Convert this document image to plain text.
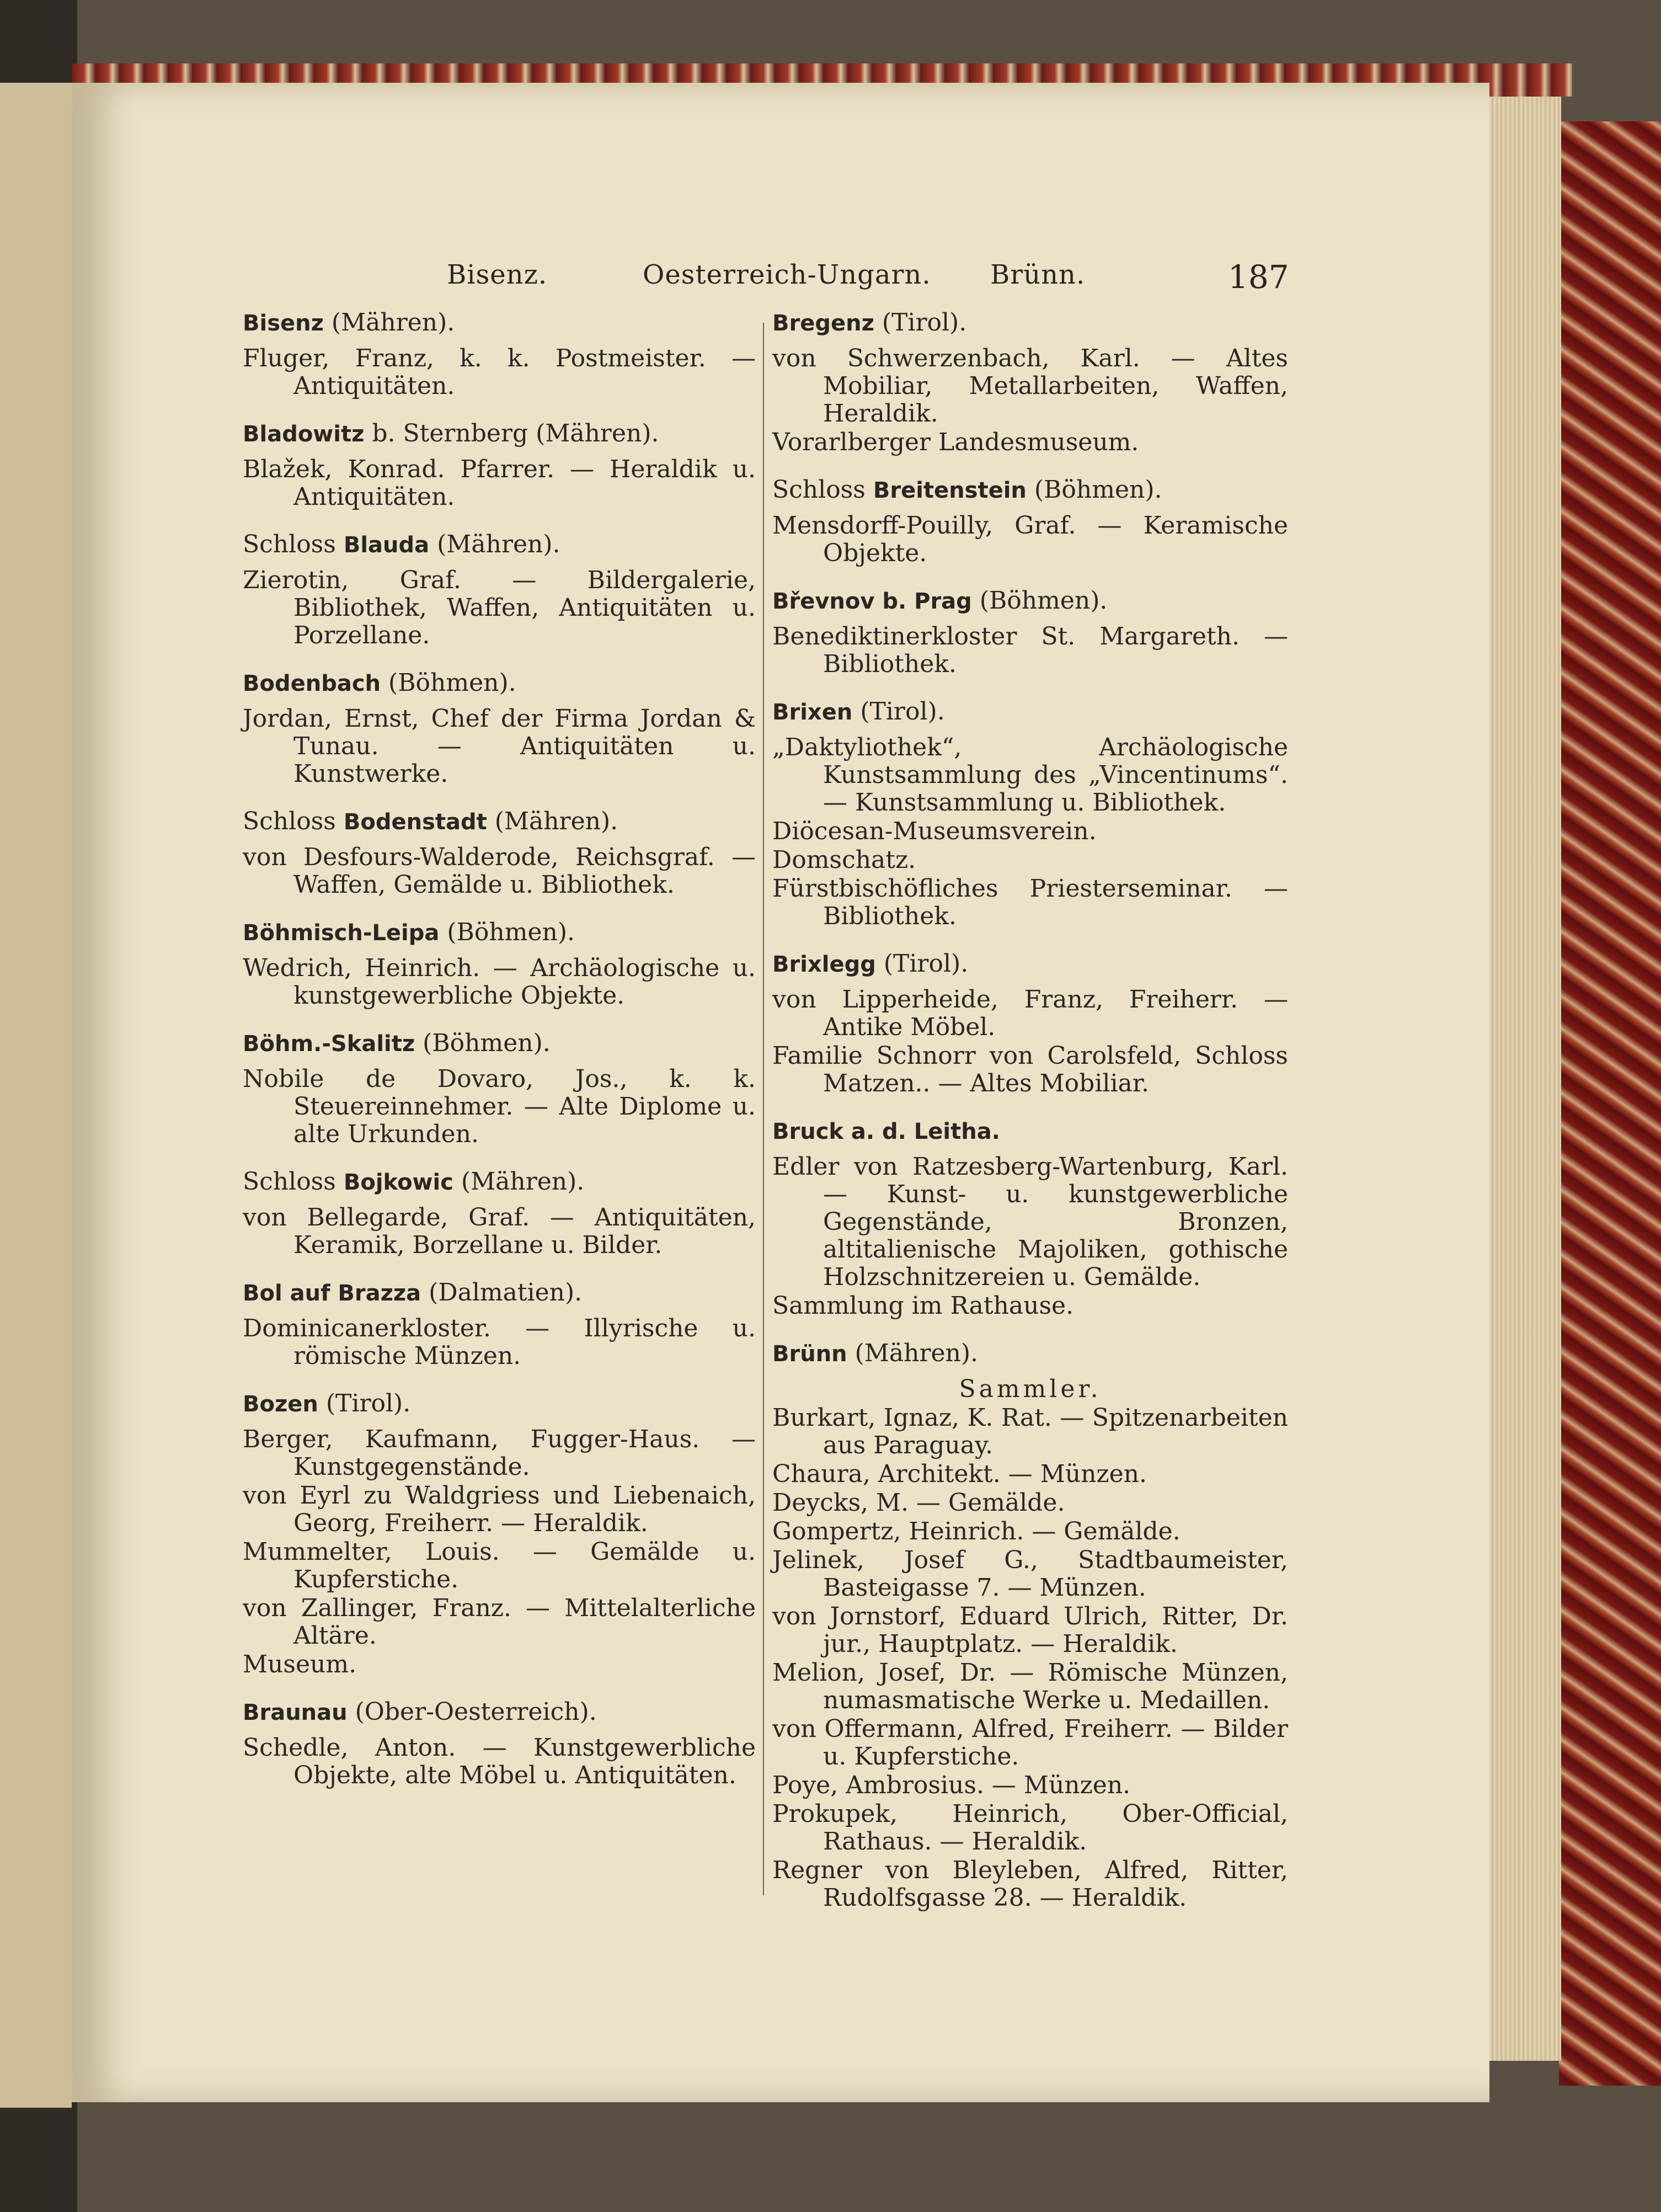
Bisenz.	Oesterreich-Ungarn. Brünn.	187
Bisenz (Mähren).
Fluger, Franz, k. k. Postmeister. — Antiquitäten.
Bladowitz b. Sternberg (Mähren).
Blažek, Konrad. Pfarrer. — Heraldik u. Antiquitäten.
Schloss Blauda (Mähren).
Zierotin, Graf. — Bildergalerie, Bibliothek, Waffen, Antiquitäten u. Porzellane.
Bodenbach (Böhmen).
Jordan, Ernst, Chef der Firma Jordan & Tunau. — Antiquitäten u. Kunstwerke.
Schloss Bodenstadt (Mähren).
von Desfours-Walderode, Reichsgraf. — Waffen, Gemälde u. Bibliothek.
Böhmisch-Leipa (Böhmen).
Wedrich, Heinrich. — Archäologische u. kunstgewerbliche Objekte.
Böhm.-Skalitz (Böhmen).
Nobile de Dovaro, Jos., k. k. Steuereinnehmer. — Alte Diplome u. alte Urkunden.
Schloss Bojkowic (Mähren).
von Bellegarde, Graf. — Antiquitäten, Keramik, Borzellane u. Bilder.
Bol auf Brazza (Dalmatien).
Dominicanerkloster. — Illyrische u. römische Münzen.
Bozen (Tirol).
Berger, Kaufmann, Fugger-Haus. — Kunstgegenstände.
von Eyrl zu Waldgriess und Liebenaich, Georg, Freiherr. — Heraldik.
Mummelter, Louis. — Gemälde u. Kupferstiche.
von Zallinger, Franz. — Mittelalterliche Altäre.
Museum.
Braunau (Ober-Oesterreich).
Schedle, Anton. — Kunstgewerbliche Objekte, alte Möbel u. Antiquitäten.
Bregenz (Tirol).
von Schwerzenbach, Karl. — Altes Mobiliar, Metallarbeiten, Waffen, Heraldik.
Vorarlberger Landesmuseum.
Schloss Breitenstein (Böhmen).
Mensdorff-Pouilly, Graf. — Keramische Objekte.
Břevnov b. Prag (Böhmen).
Benediktinerkloster St. Margareth. — Bibliothek.
Brixen (Tirol).
„Daktyliothek“, Archäologische Kunstsammlung des „Vincentinums“. — Kunstsammlung u. Bibliothek.
Diöcesan-Museumsverein.
Domschatz.
Fürstbischöfliches Priesterseminar. — Bibliothek.
Brixlegg (Tirol).
von Lipperheide, Franz, Freiherr. — Antike Möbel.
Familie Schnorr von Carolsfeld, Schloss Matzen.. — Altes Mobiliar.
Bruck a. d. Leitha.
Edler von Ratzesberg-Wartenburg, Karl. — Kunst- u. kunstgewerbliche Gegenstände, Bronzen, altitalienische Majoliken, gothische Holzschnitzereien u. Gemälde.
Sammlung im Rathause.
Brünn (Mähren).
Sammler.
Burkart, Ignaz, K. Rat. — Spitzenarbeiten aus Paraguay.
Chaura, Architekt. — Münzen.
Deycks, M. — Gemälde.
Gompertz, Heinrich. — Gemälde.
Jelinek, Josef G., Stadtbaumeister, Basteigasse 7. — Münzen.
von Jornstorf, Eduard Ulrich, Ritter, Dr. jur., Hauptplatz. — Heraldik.
Melion, Josef, Dr. — Römische Münzen, numasmatische Werke u. Medaillen.
von Offermann, Alfred, Freiherr. — Bilder u. Kupferstiche.
Poye, Ambrosius. — Münzen.
Prokupek, Heinrich, Ober-Official, Rathaus. — Heraldik.
Regner von Bleyleben, Alfred, Ritter, Rudolfsgasse 28. — Heraldik.
